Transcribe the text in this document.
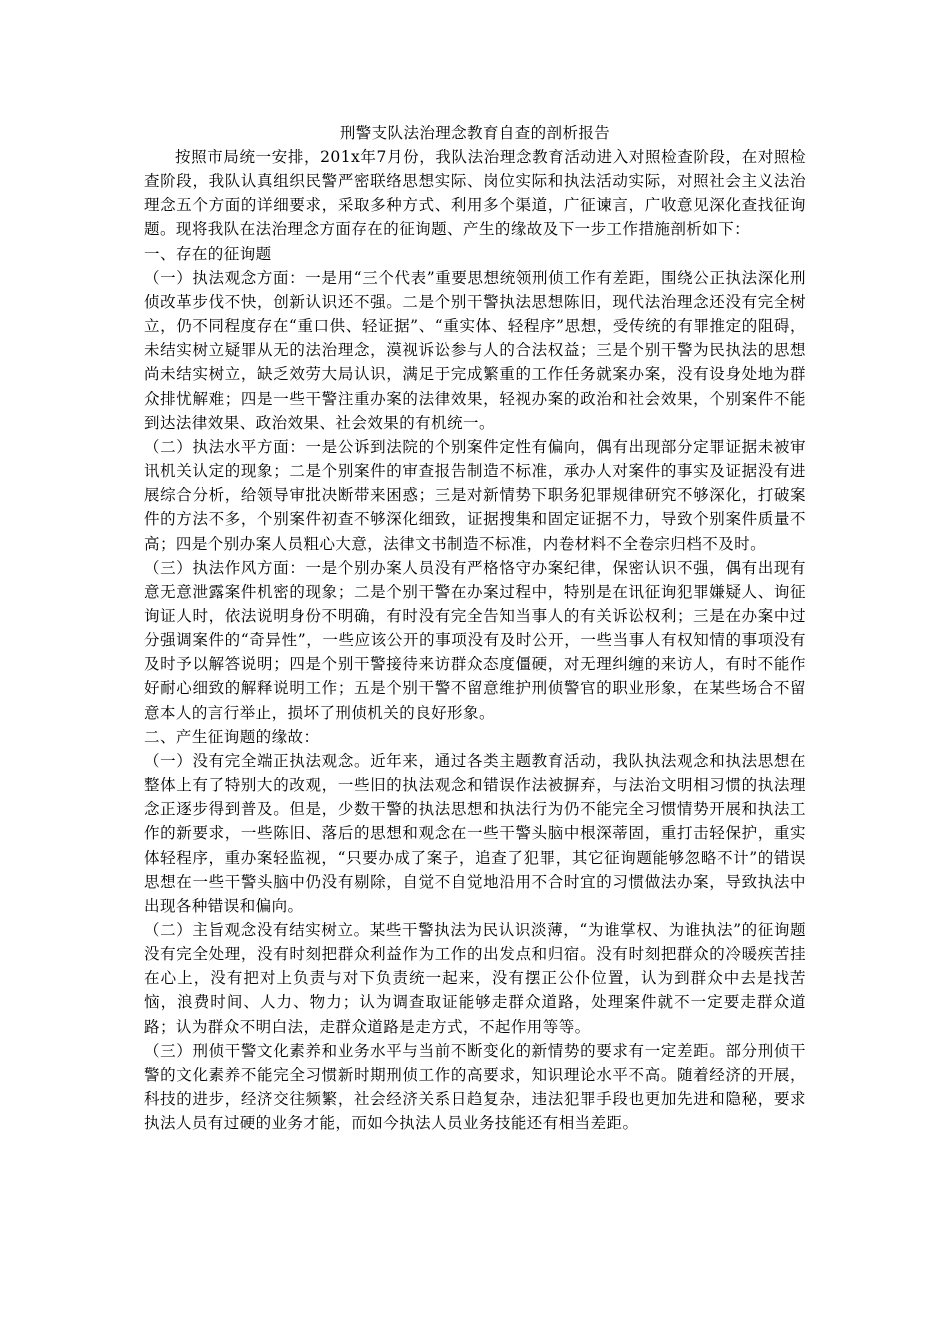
刑警支队法治理念教育自查的剖析报告

按照市局统一安排，201x年7月份，我队法治理念教育活动进入对照检查阶段，在对照检查阶段，我队认真组织民警严密联络思想实际、岗位实际和执法活动实际，对照社会主义法治理念五个方面的详细要求，采取多种方式、利用多个渠道，广征谏言，广收意见深化查找征询题。现将我队在法治理念方面存在的征询题、产生的缘故及下一步工作措施剖析如下：

一、存在的征询题

（一）执法观念方面：一是用“三个代表”重要思想统领刑侦工作有差距，围绕公正执法深化刑侦改革步伐不快，创新认识还不强。二是个别干警执法思想陈旧，现代法治理念还没有完全树立，仍不同程度存在“重口供、轻证据”、“重实体、轻程序”思想，受传统的有罪推定的阻碍，未结实树立疑罪从无的法治理念，漠视诉讼参与人的合法权益；三是个别干警为民执法的思想尚未结实树立，缺乏效劳大局认识，满足于完成繁重的工作任务就案办案，没有设身处地为群众排忧解难；四是一些干警注重办案的法律效果，轻视办案的政治和社会效果，个别案件不能到达法律效果、政治效果、社会效果的有机统一。

（二）执法水平方面：一是公诉到法院的个别案件定性有偏向，偶有出现部分定罪证据未被审讯机关认定的现象；二是个别案件的审查报告制造不标准，承办人对案件的事实及证据没有进展综合分析，给领导审批决断带来困惑；三是对新情势下职务犯罪规律研究不够深化，打破案件的方法不多，个别案件初查不够深化细致，证据搜集和固定证据不力，导致个别案件质量不高；四是个别办案人员粗心大意，法律文书制造不标准，内卷材料不全卷宗归档不及时。

（三）执法作风方面：一是个别办案人员没有严格恪守办案纪律，保密认识不强，偶有出现有意无意泄露案件机密的现象；二是个别干警在办案过程中，特别是在讯征询犯罪嫌疑人、询征询证人时，依法说明身份不明确，有时没有完全告知当事人的有关诉讼权利；三是在办案中过分强调案件的“奇异性”，一些应该公开的事项没有及时公开，一些当事人有权知情的事项没有及时予以解答说明；四是个别干警接待来访群众态度僵硬，对无理纠缠的来访人，有时不能作好耐心细致的解释说明工作；五是个别干警不留意维护刑侦警官的职业形象，在某些场合不留意本人的言行举止，损坏了刑侦机关的良好形象。

二、产生征询题的缘故：

（一）没有完全端正执法观念。近年来，通过各类主题教育活动，我队执法观念和执法思想在整体上有了特别大的改观，一些旧的执法观念和错误作法被摒弃，与法治文明相习惯的执法理念正逐步得到普及。但是，少数干警的执法思想和执法行为仍不能完全习惯情势开展和执法工作的新要求，一些陈旧、落后的思想和观念在一些干警头脑中根深蒂固，重打击轻保护，重实体轻程序，重办案轻监视，“只要办成了案子，追查了犯罪，其它征询题能够忽略不计”的错误思想在一些干警头脑中仍没有剔除，自觉不自觉地沿用不合时宜的习惯做法办案，导致执法中出现各种错误和偏向。

（二）主旨观念没有结实树立。某些干警执法为民认识淡薄，“为谁掌权、为谁执法”的征询题没有完全处理，没有时刻把群众利益作为工作的出发点和归宿。没有时刻把群众的冷暖疾苦挂在心上，没有把对上负责与对下负责统一起来，没有摆正公仆位置，认为到群众中去是找苦恼，浪费时间、人力、物力；认为调查取证能够走群众道路，处理案件就不一定要走群众道路；认为群众不明白法，走群众道路是走方式，不起作用等等。

（三）刑侦干警文化素养和业务水平与当前不断变化的新情势的要求有一定差距。部分刑侦干警的文化素养不能完全习惯新时期刑侦工作的高要求，知识理论水平不高。随着经济的开展，科技的进步，经济交往频繁，社会经济关系日趋复杂，违法犯罪手段也更加先进和隐秘，要求执法人员有过硬的业务才能，而如今执法人员业务技能还有相当差距。
